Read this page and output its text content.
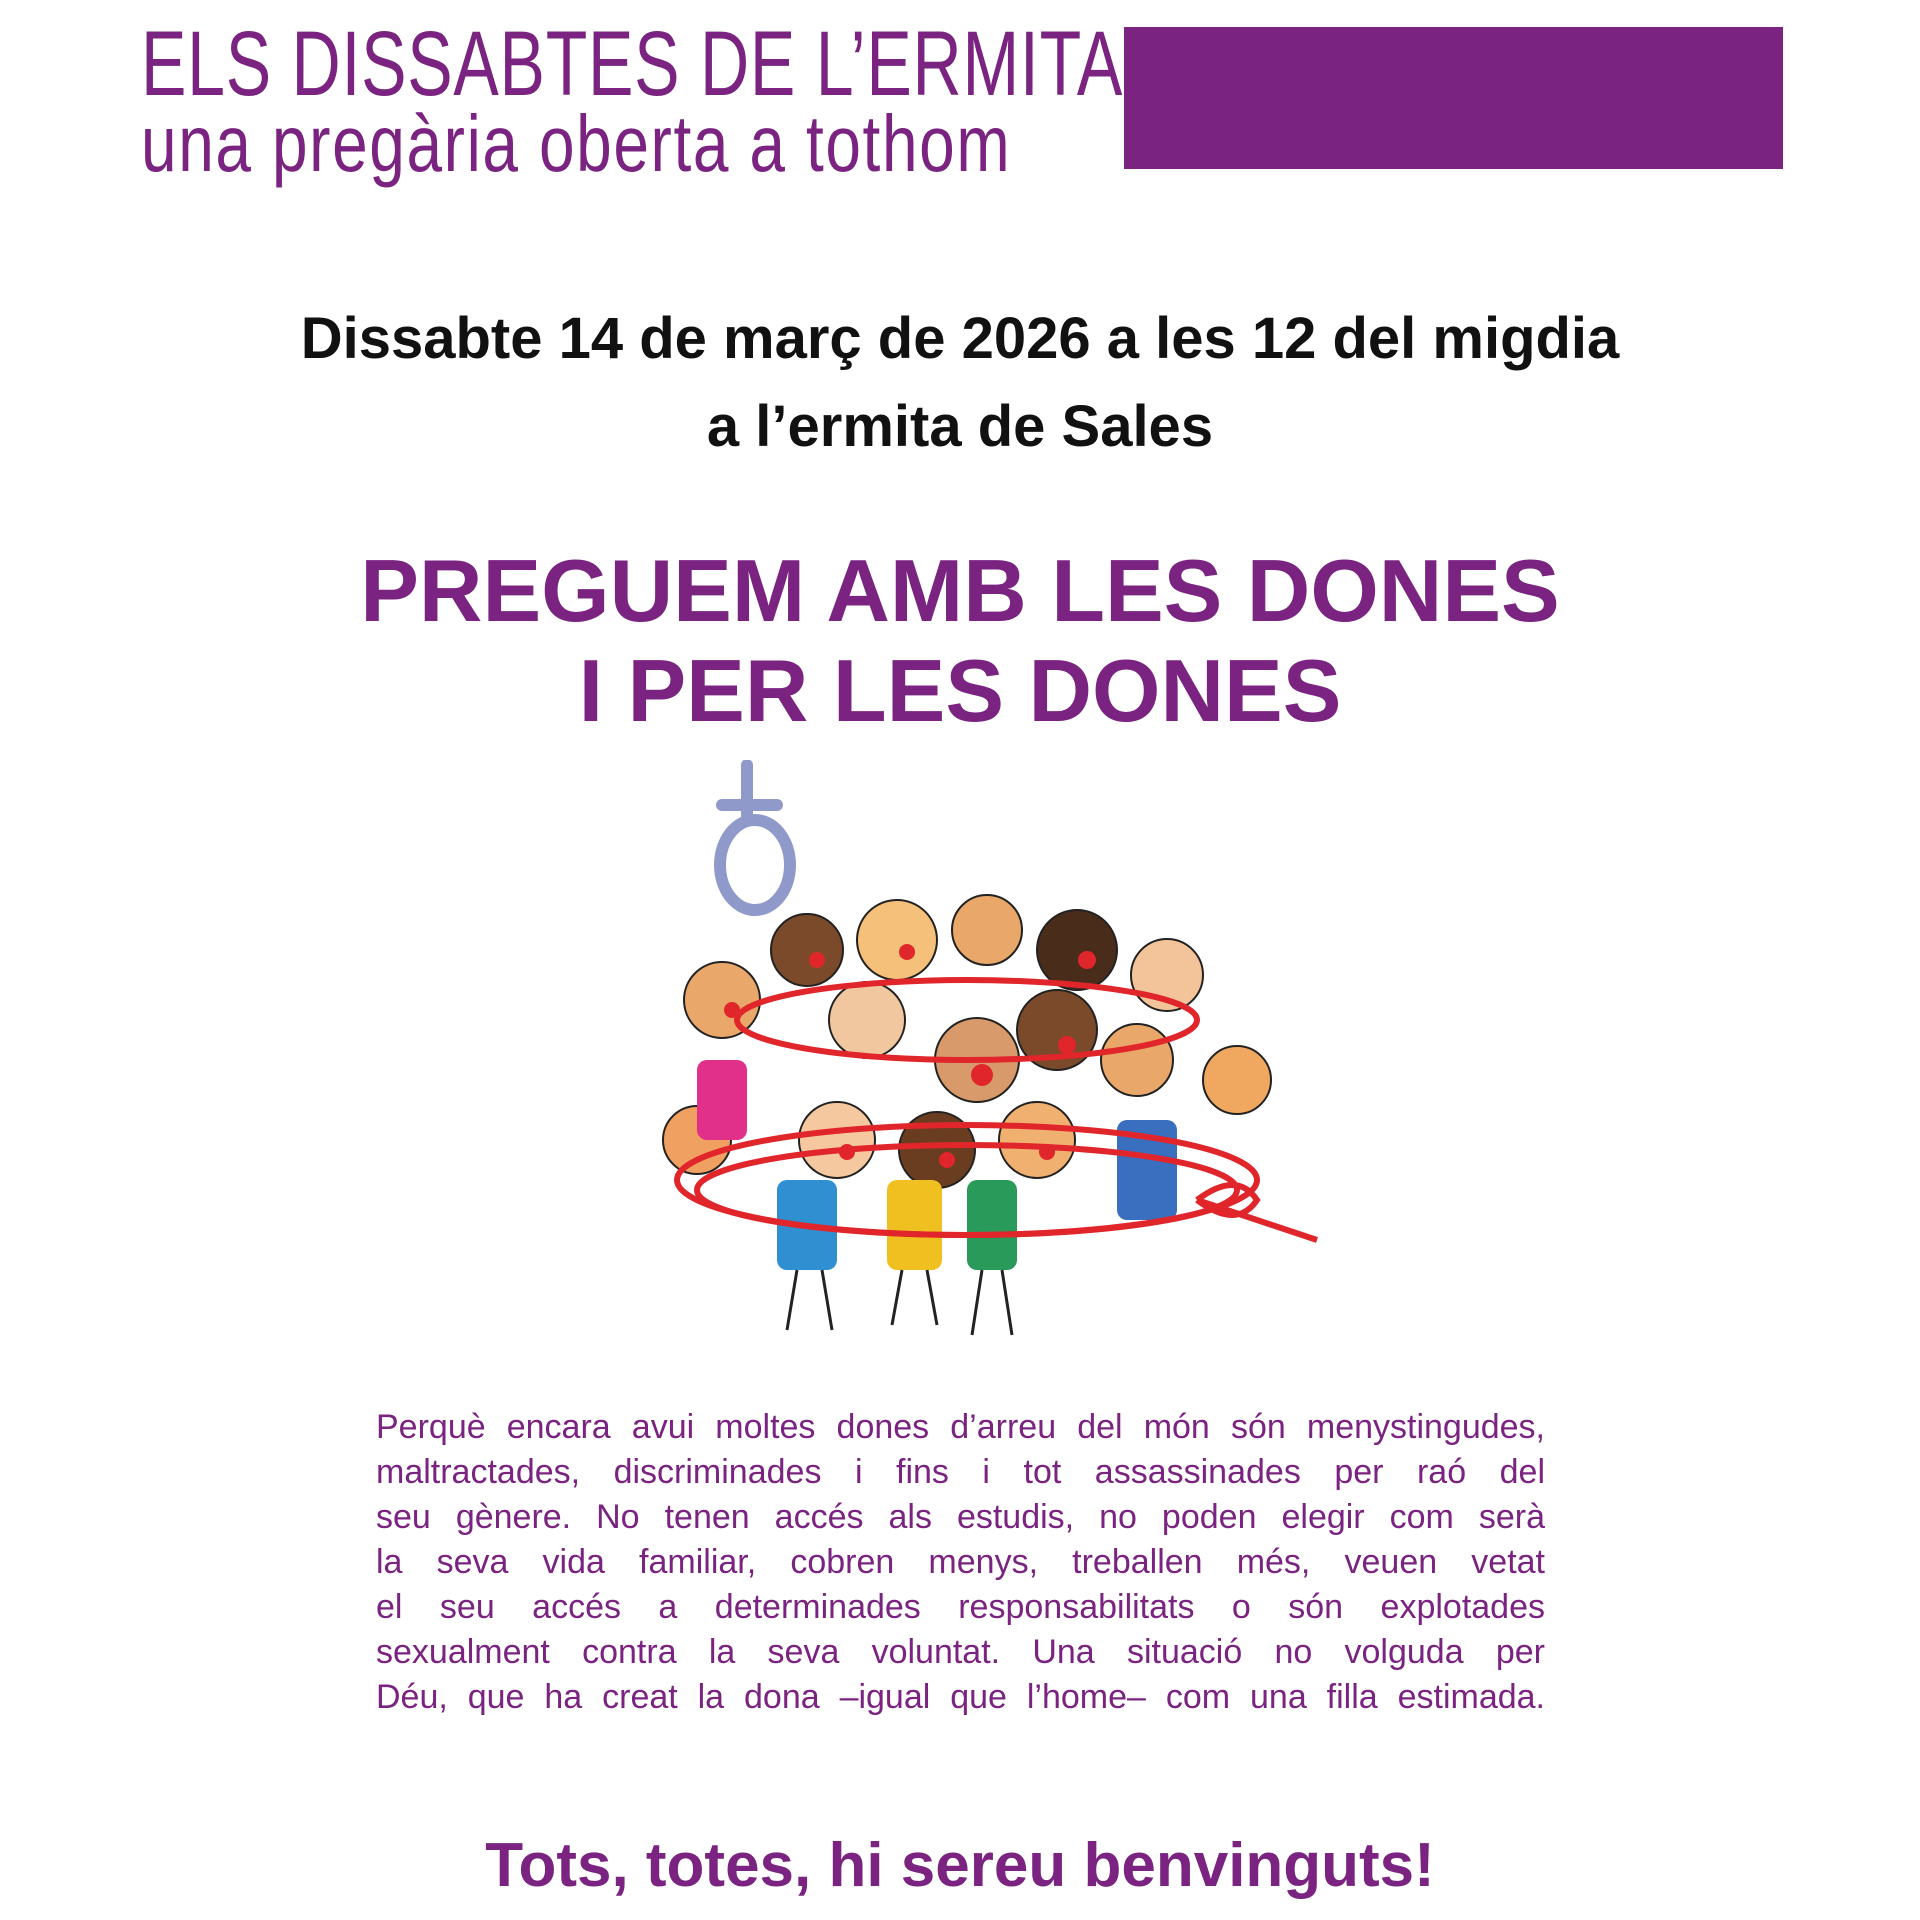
ELS DISSABTES DE L’ERMITA
una pregària oberta a tothom
Dissabte 14 de març de 2026 a les 12 del migdia
a l’ermita de Sales
PREGUEM AMB LES DONES
I PER LES DONES
Perquè encara avui moltes dones d’arreu del món són menystingudes,
maltractades, discriminades i fins i tot assassinades per raó del
seu gènere. No tenen accés als estudis, no poden elegir com serà
la seva vida familiar, cobren menys, treballen més, veuen vetat
el seu accés a determinades responsabilitats o són explotades
sexualment contra la seva voluntat. Una situació no volguda per
Déu, que ha creat la dona –igual que l’home– com una filla estimada.
Tots, totes, hi sereu benvinguts!
